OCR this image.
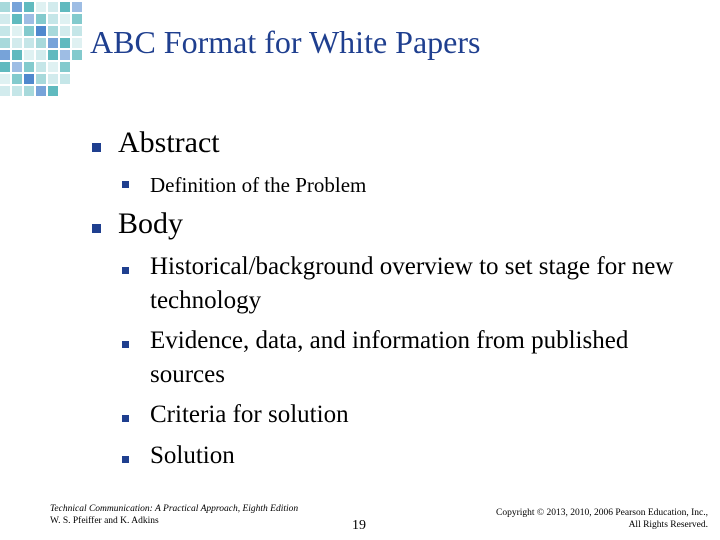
ABC Format for White Papers
Abstract
Definition of the Problem
Body
Historical/background overview to set stage for new technology
Evidence, data, and information from published sources
Criteria for solution
Solution
Technical Communication: A Practical Approach, Eighth Edition
W. S. Pfeiffer and K. Adkins	19
Copyright © 2013, 2010, 2006 Pearson Education, Inc.,
All Rights Reserved.
